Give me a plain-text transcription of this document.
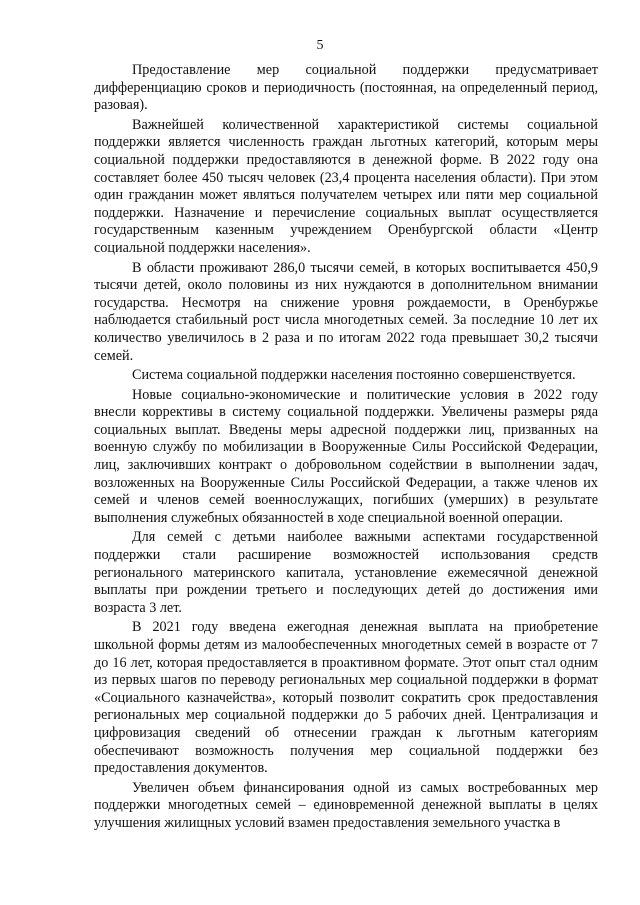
5

Предоставление мер социальной поддержки предусматривает дифференциацию сроков и периодичность (постоянная, на определенный период, разовая).

Важнейшей количественной характеристикой системы социальной поддержки является численность граждан льготных категорий, которым меры социальной поддержки предоставляются в денежной форме. В 2022 году она составляет более 450 тысяч человек (23,4 процента населения области). При этом один гражданин может являться получателем четырех или пяти мер социальной поддержки. Назначение и перечисление социальных выплат осуществляется государственным казенным учреждением Оренбургской области «Центр социальной поддержки населения».

В области проживают 286,0 тысячи семей, в которых воспитывается 450,9 тысячи детей, около половины из них нуждаются в дополнительном внимании государства. Несмотря на снижение уровня рождаемости, в Оренбуржье наблюдается стабильный рост числа многодетных семей. За последние 10 лет их количество увеличилось в 2 раза и по итогам 2022 года превышает 30,2 тысячи семей.

Система социальной поддержки населения постоянно совершенствуется.

Новые социально-экономические и политические условия в 2022 году внесли коррективы в систему социальной поддержки. Увеличены размеры ряда социальных выплат. Введены меры адресной поддержки лиц, призванных на военную службу по мобилизации в Вооруженные Силы Российской Федерации, лиц, заключивших контракт о добровольном содействии в выполнении задач, возложенных на Вооруженные Силы Российской Федерации, а также членов их семей и членов семей военнослужащих, погибших (умерших) в результате выполнения служебных обязанностей в ходе специальной военной операции.

Для семей с детьми наиболее важными аспектами государственной поддержки стали расширение возможностей использования средств регионального материнского капитала, установление ежемесячной денежной выплаты при рождении третьего и последующих детей до достижения ими возраста 3 лет.

В 2021 году введена ежегодная денежная выплата на приобретение школьной формы детям из малообеспеченных многодетных семей в возрасте от 7 до 16 лет, которая предоставляется в проактивном формате. Этот опыт стал одним из первых шагов по переводу региональных мер социальной поддержки в формат «Социального казначейства», который позволит сократить срок предоставления региональных мер социальной поддержки до 5 рабочих дней. Централизация и цифровизация сведений об отнесении граждан к льготным категориям обеспечивают возможность получения мер социальной поддержки без предоставления документов.

Увеличен объем финансирования одной из самых востребованных мер поддержки многодетных семей – единовременной денежной выплаты в целях улучшения жилищных условий взамен предоставления земельного участка в
